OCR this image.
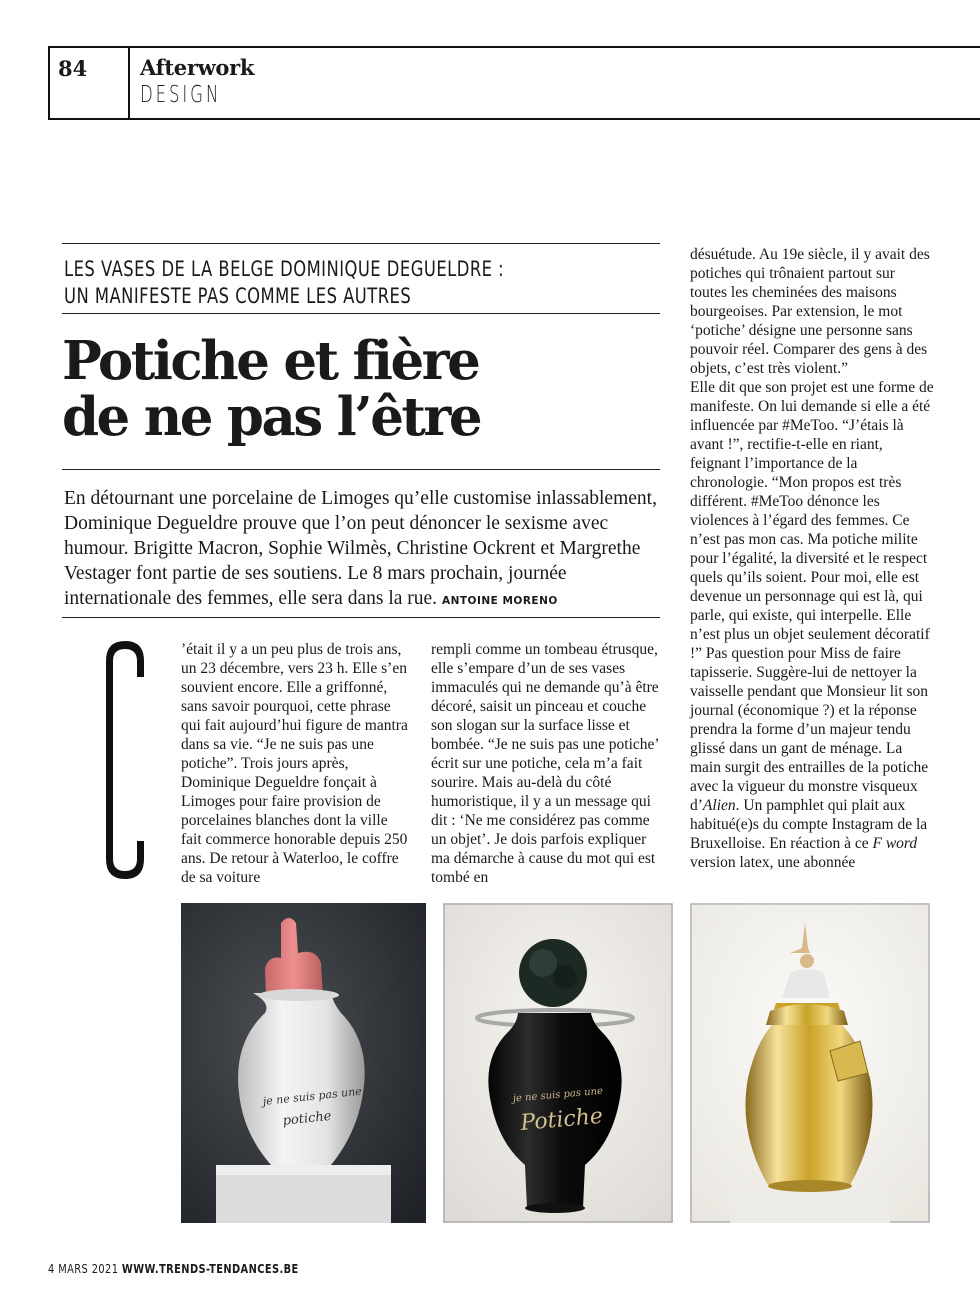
84	Afterwork
DESIGN
LES VASES DE LA BELGE DOMINIQUE DEGUELDRE :
UN MANIFESTE PAS COMME LES AUTRES
Potiche et fière
de ne pas l’être

En détournant une porcelaine de Limoges qu’elle customise inlassablement, Dominique Degueldre prouve que l’on peut dénoncer le sexisme avec humour. Brigitte Macron, Sophie Wilmès, Christine Ockrent et Margrethe Vestager font partie de ses soutiens. Le 8 mars prochain, journée internationale des femmes, elle sera dans la rue. ANTOINE MORENO

’était il y a un peu plus de trois ans, un 23 décembre, vers 23 h. Elle s’en souvient encore. Elle a griffonné, sans savoir pourquoi, cette phrase qui fait aujourd’hui figure de mantra dans sa vie. “Je ne suis pas une potiche”. Trois jours après, Dominique Degueldre fonçait à Limoges pour faire provision de porcelaines blanches dont la ville fait commerce honorable depuis 250 ans. De retour à Waterloo, le coffre de sa voiture

rempli comme un tombeau étrusque, elle s’empare d’un de ses vases immaculés qui ne demande qu’à être décoré, saisit un pinceau et couche son slogan sur la surface lisse et bombée. “Je ne suis pas une potiche’ écrit sur une potiche, cela m’a fait sourire. Mais au-delà du côté humoristique, il y a un message qui dit : ‘Ne me considérez pas comme un objet’. Je dois parfois expliquer ma démarche à cause du mot qui est tombé en

désuétude. Au 19e siècle, il y avait des potiches qui trônaient partout sur toutes les cheminées des maisons bourgeoises. Par extension, le mot ‘potiche’ désigne une personne sans pouvoir réel. Comparer des gens à des objets, c’est très violent.”

Elle dit que son projet est une forme de manifeste. On lui demande si elle a été influencée par #MeToo. “J’étais là avant !”, rectifie-t-elle en riant, feignant l’importance de la chronologie. “Mon propos est très différent. #MeToo dénonce les violences à l’égard des femmes. Ce n’est pas mon cas. Ma potiche milite pour l’égalité, la diversité et le respect quels qu’ils soient. Pour moi, elle est devenue un personnage qui est là, qui parle, qui existe, qui interpelle. Elle n’est plus un objet seulement décoratif !” Pas question pour Miss de faire tapisserie. Suggère-lui de nettoyer la vaisselle pendant que Monsieur lit son journal (économique ?) et la réponse prendra la forme d’un majeur tendu glissé dans un gant de ménage. La main surgit des entrailles de la potiche avec la vigueur du monstre visqueux d’Alien. Un pamphlet qui plait aux habitué(e)s du compte Instagram de la Bruxelloise. En réaction à ce F word version latex, une abonnée

je ne suis pas une
potiche
je ne suis pas une
Potiche
4 MARS 2021 WWW.TRENDS-TENDANCES.BE
